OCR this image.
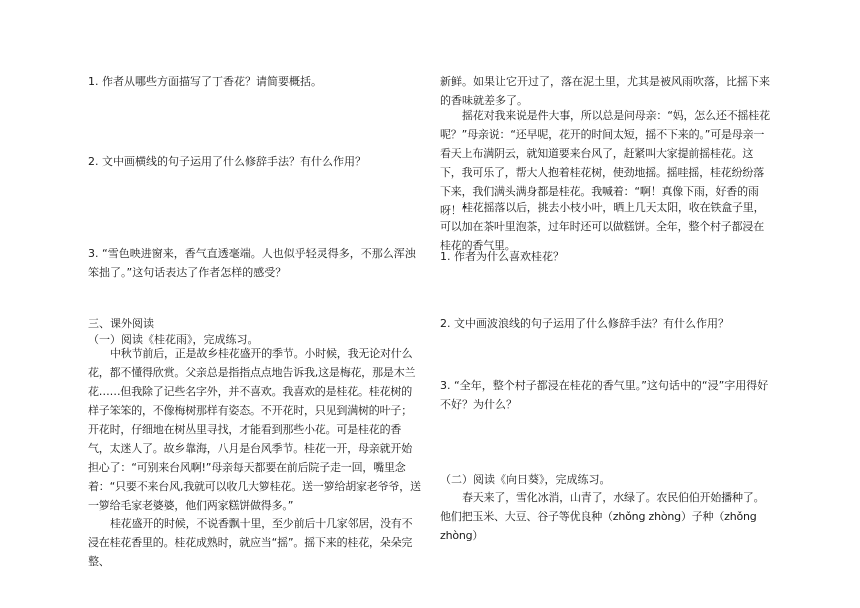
1. 作者从哪些方面描写了丁香花？请简要概括。
2. 文中画横线的句子运用了什么修辞手法？有什么作用？
3. “雪色映进窗来，香气直透毫端。人也似乎轻灵得多，不那么浑浊笨拙了。”这句话表达了作者怎样的感受？
三、课外阅读
（一）阅读《桂花雨》，完成练习。
中秋节前后，正是故乡桂花盛开的季节。小时候，我无论对什么花，都不懂得欣赏。父亲总是指指点点地告诉我,这是梅花，那是木兰花……但我除了记些名字外，并不喜欢。我喜欢的是桂花。桂花树的样子笨笨的，不像梅树那样有姿态。不开花时，只见到满树的叶子；开花时，仔细地在树丛里寻找，才能看到那些小花。可是桂花的香气，太迷人了。故乡靠海，八月是台风季节。桂花一开，母亲就开始担心了：“可别来台风啊!”母亲每天都要在前后院子走一回，嘴里念着：“只要不来台风,我就可以收几大箩桂花。送一箩给胡家老爷爷，送一箩给毛家老婆婆，他们两家糕饼做得多。”
桂花盛开的时候，不说香飘十里，至少前后十几家邻居，没有不浸在桂花香里的。桂花成熟时，就应当“摇”。摇下来的桂花，朵朵完整、
新鲜。如果让它开过了，落在泥土里，尤其是被风雨吹落，比摇下来的香味就差多了。
摇花对我来说是件大事，所以总是问母亲：“妈，怎么还不摇桂花呢？”母亲说：“还早呢，花开的时间太短，摇不下来的。”可是母亲一看天上布满阴云，就知道要来台风了，赶紧叫大家提前摇桂花。这下，我可乐了，帮大人抱着桂花树，使劲地摇。摇哇摇，桂花纷纷落下来，我们满头满身都是桂花。我喊着：“啊！真像下雨，好香的雨呀！”
桂花摇落以后，挑去小枝小叶，晒上几天太阳，收在铁盒子里，可以加在茶叶里泡茶，过年时还可以做糕饼。全年，整个村子都浸在桂花的香气里。
1. 作者为什么喜欢桂花？
2. 文中画波浪线的句子运用了什么修辞手法？有什么作用？
3. “全年，整个村子都浸在桂花的香气里。”这句话中的“浸”字用得好不好？为什么？
（二）阅读《向日葵》，完成练习。
春天来了，雪化冰消，山青了，水绿了。农民伯伯开始播种了。他们把玉米、大豆、谷子等优良种（zhǒng zhòng）子种（zhǒng zhòng）
